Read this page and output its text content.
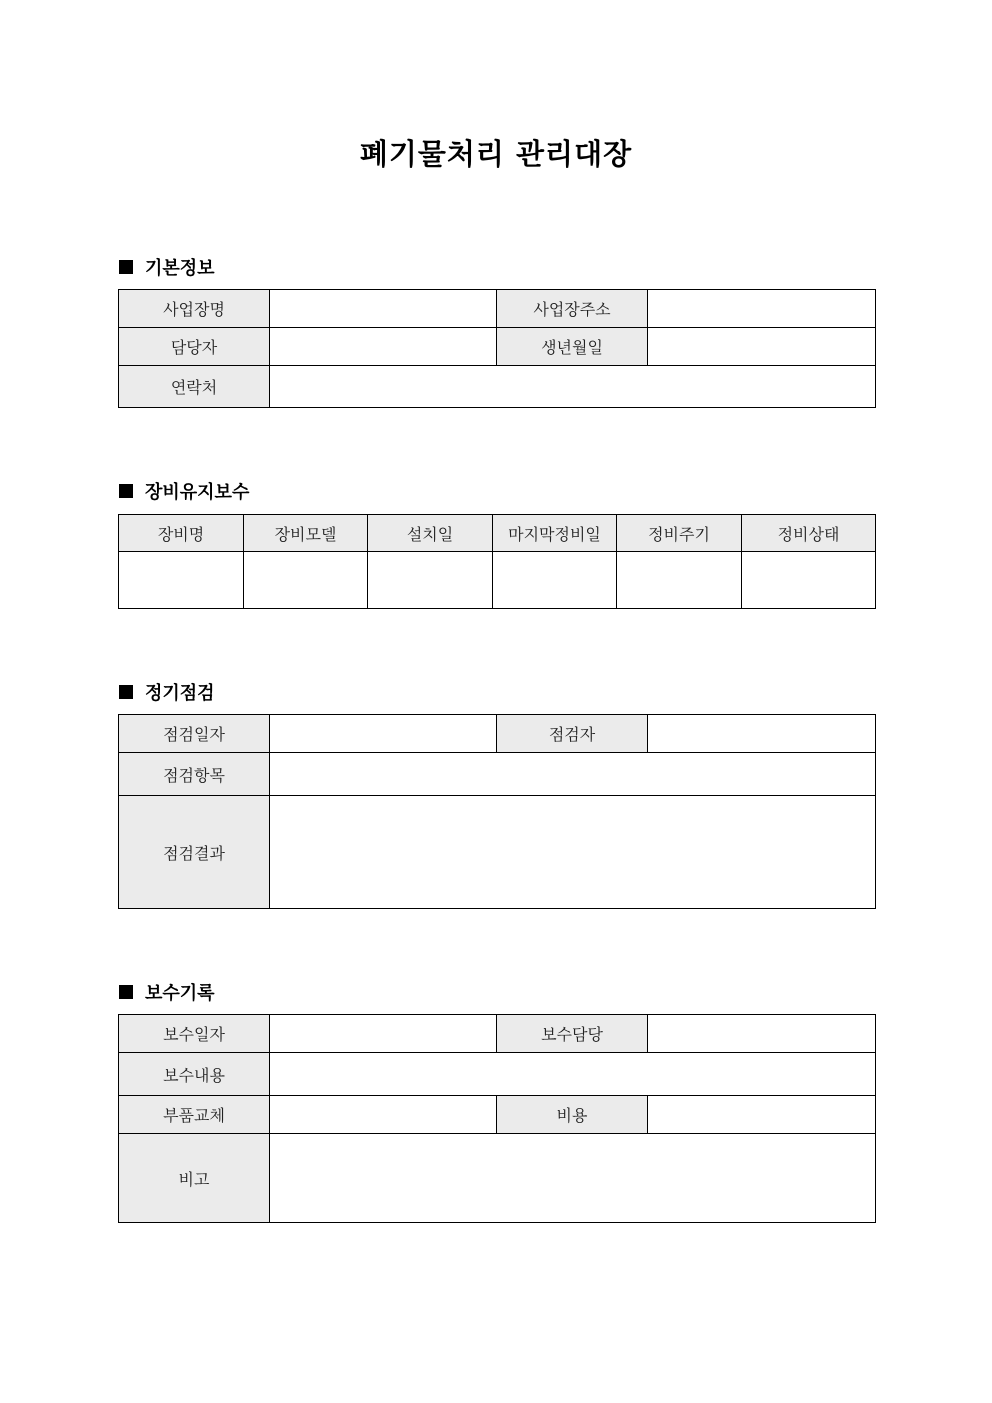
폐기물처리 관리대장
기본정보
사업장명		사업장주소	
담당자		생년월일	
연락처			
장비유지보수
장비명	장비모델	설치일	마지막정비일	정비주기	정비상태

정기점검
점검일자		점검자	
점검항목			
점검결과			
보수기록
보수일자		보수담당	
보수내용			
부품교체		비용	
비고			
